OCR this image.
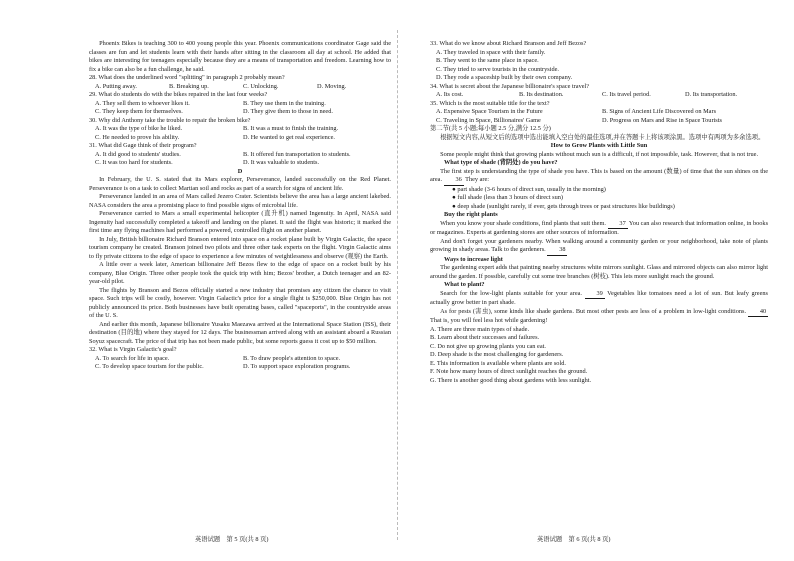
Phoenix Bikes is teaching 300 to 400 young people this year. Phoenix communications coordinator Gage said the classes are fun and let students learn with their hands after sitting in the classroom all day at school. He added that bikes are interesting for teenagers especially because they are a means of transportation and freedom. Learning how to fix a bike can also be a fun challenge, he said.

28. What does the underlined word "splitting" in paragraph 2 probably mean?

A. Putting away.	B. Breaking up.	C. Unlocking.	D. Moving.

29. What do students do with the bikes repaired in the last four weeks?

A. They sell them to whoever likes it.	B. They use them in the training.
C. They keep them for themselves.	D. They give them to those in need.

30. Why did Anthony take the trouble to repair the broken bike?

A. It was the type of bike he liked.	B. It was a must to finish the training.
C. He needed to prove his ability.	D. He wanted to get real experience.

31. What did Gage think of their program?

A. It did good to students' studies.	B. It offered fun transportation to students.
C. It was too hard for students.	D. It was valuable to students.

D

In February, the U. S. stated that its Mars explorer, Perseverance, landed successfully on the Red Planet. Perseverance is on a task to collect Martian soil and rocks as part of a search for signs of ancient life.

Perseverance landed in an area of Mars called Jezero Crater. Scientists believe the area has a large ancient lakebed. NASA considers the area a promising place to find possible signs of microbial life.

Perseverance carried to Mars a small experimental helicopter (直升机) named Ingenuity. In April, NASA said Ingenuity had successfully completed a takeoff and landing on the planet. It said the flight was historic; it marked the first time any flying machines had performed a powered, controlled flight on another planet.

In July, British billionaire Richard Branson entered into space on a rocket plane built by Virgin Galactic, the space tourism company he created. Branson joined two pilots and three other task experts on the flight. Virgin Galactic aims to fly private citizens to the edge of space to experience a few minutes of weightlessness and observe (观察) the Earth.

A little over a week later, American billionaire Jeff Bezos flew to the edge of space on a rocket built by his company, Blue Origin. Three other people took the quick trip with him; Bezos' brother, a Dutch teenager and an 82-year-old pilot.

The flights by Branson and Bezos officially started a new industry that promises any citizen the chance to visit space. Such trips will be costly, however. Virgin Galactic's price for a single flight is $250,000. Blue Origin has not publicly announced its price. Both businesses have built operating bases, called "spaceports", in the countryside areas of the U. S.

And earlier this month, Japanese billionaire Yusaku Maezawa arrived at the International Space Station (ISS), their destination (目的地) where they stayed for 12 days. The businessman arrived along with an assistant aboard a Russian Soyuz spacecraft. The price of that trip has not been made public, but some reports guess it cost up to $50 million.

32. What is Virgin Galactic's goal?

A. To search for life in space.	B. To draw people's attention to space.
C. To develop space tourism for the public.	D. To support space exploration programs.
英语试题　第 5 页(共 8 页)

33. What do we know about Richard Branson and Jeff Bezos?

A. They traveled in space with their family.

B. They went to the same place in space.

C. They tried to serve tourists in the countryside.

D. They rode a spaceship built by their own company.

34. What is secret about the Japanese billionaire's space travel?

A. Its cost.	B. Its destination.	C. Its travel period.	D. Its transportation.

35. Which is the most suitable title for the text?

A. Expensive Space Tourism in the Future	B. Signs of Ancient Life Discovered on Mars
C. Traveling in Space, Billionaires' Game	D. Progress on Mars and Rise in Space Tourists

第二节(共 5 小题;每小题 2.5 分,满分 12.5 分)

根据短文内容,从短文后的选项中选出能填入空白处的最佳选项,并在答题卡上将该项涂黑。选项中有两项为多余选项。

How to Grow Plants with Little Sun

Some people might think that growing plants without much sun is a difficult, if not impossible, task. However, that is not true.

What type of shade (背阴处) do you have?

The first step is understanding the type of shade you have. This is based on the amount (数量) of time that the sun shines on the area. 36 They are:

● part shade (3-6 hours of direct sun, usually in the morning)

● full shade (less than 3 hours of direct sun)

● deep shade (sunlight rarely, if ever, gets through trees or past structures like buildings)

Buy the right plants

When you know your shade conditions, find plants that suit them. 37 You can also research that information online, in books or magazines. Experts at gardening stores are other sources of information.

And don't forget your gardeners nearby. When walking around a community garden or your neighborhood, take note of plants growing in shady areas. Talk to the gardeners. 38

Ways to increase light

The gardening expert adds that painting nearby structures white mirrors sunlight. Glass and mirrored objects can also mirror light around the garden. If possible, carefully cut some tree branches (树枝). This lets more sunlight reach the ground.

What to plant?

Search for the low-light plants suitable for your area. 39 Vegetables like tomatoes need a lot of sun. But leafy greens actually grow better in part shade.

As for pests (害虫), some kinds like shade gardens. But most other pests are less of a problem in low-light conditions. 40 That is, you will feel less hot while gardening!

A. There are three main types of shade.

B. Learn about their successes and failures.

C. Do not give up growing plants you can eat.

D. Deep shade is the most challenging for gardeners.

E. This information is available where plants are sold.

F. Note how many hours of direct sunlight reaches the ground.

G. There is another good thing about gardens with less sunlight.

英语试题　第 6 页(共 8 页)
